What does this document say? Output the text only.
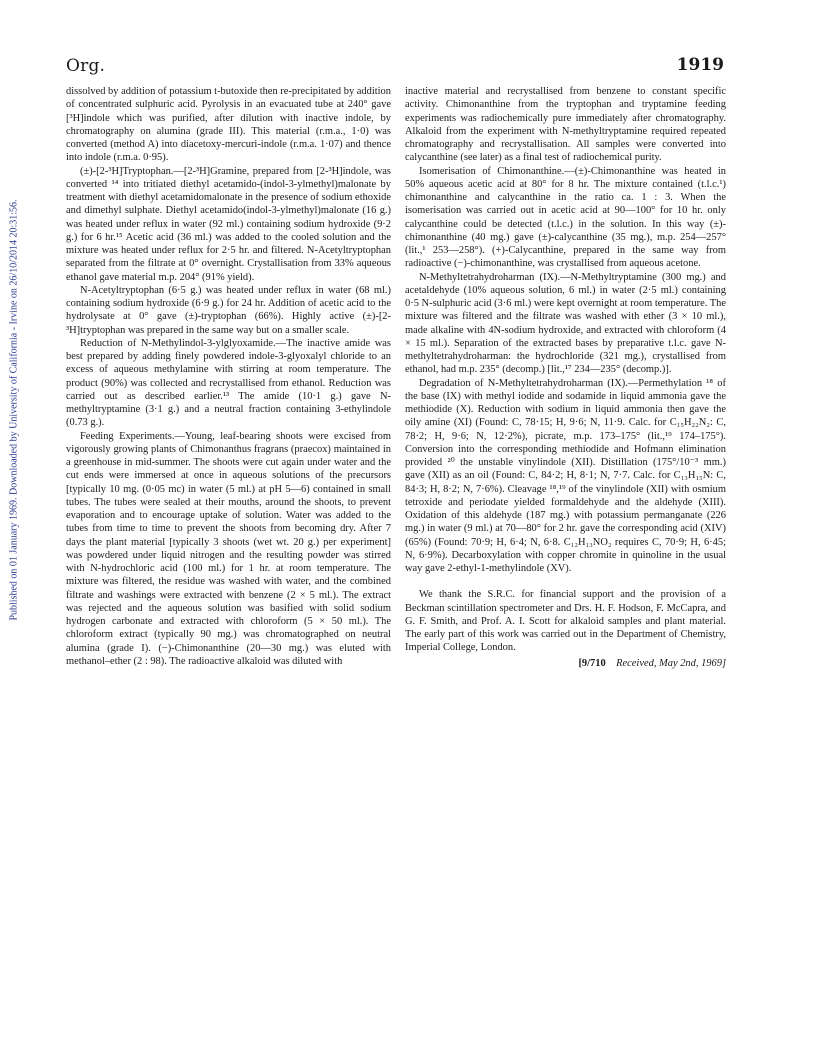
Org.	1919
Published on 01 January 1969. Downloaded by University of California - Irvine on 26/10/2014 20:31:56.

dissolved by addition of potassium t-butoxide then re-precipitated by addition of concentrated sulphuric acid. Pyrolysis in an evacuated tube at 240° gave [³H]indole which was purified, after dilution with inactive indole, by chromatography on alumina (grade III). This material (r.m.a., 1·0) was converted (method A) into diacetoxy-mercuri-indole (r.m.a. 1·07) and thence into indole (r.m.a. 0·95).

(±)-[2-³H]Tryptophan.—[2-³H]Gramine, prepared from [2-³H]indole, was converted ¹⁴ into tritiated diethyl acetamido-(indol-3-ylmethyl)malonate by treatment with diethyl acetamidomalonate in the presence of sodium ethoxide and dimethyl sulphate. Diethyl acetamido(indol-3-ylmethyl)malonate (16 g.) was heated under reflux in water (92 ml.) containing sodium hydroxide (9·2 g.) for 6 hr.¹⁵ Acetic acid (36 ml.) was added to the cooled solution and the mixture was heated under reflux for 2·5 hr. and filtered. N-Acetyltryptophan separated from the filtrate at 0° overnight. Crystallisation from 33% aqueous ethanol gave material m.p. 204° (91% yield).

N-Acetyltryptophan (6·5 g.) was heated under reflux in water (68 ml.) containing sodium hydroxide (6·9 g.) for 24 hr. Addition of acetic acid to the hydrolysate at 0° gave (±)-tryptophan (66%). Highly active (±)-[2-³H]tryptophan was prepared in the same way but on a smaller scale.

Reduction of N-Methylindol-3-ylglyoxamide.—The inactive amide was best prepared by adding finely powdered indole-3-glyoxalyl chloride to an excess of aqueous methylamine with stirring at room temperature. The product (90%) was collected and recrystallised from ethanol. Reduction was carried out as described earlier.¹³ The amide (10·1 g.) gave N-methyltryptamine (3·1 g.) and a neutral fraction containing 3-ethylindole (0.73 g.).

Feeding Experiments.—Young, leaf-bearing shoots were excised from vigorously growing plants of Chimonanthus fragrans (praecox) maintained in a greenhouse in mid-summer. The shoots were cut again under water and the cut ends were immersed at once in aqueous solutions of the precursors [typically 10 mg. (0·05 mc) in water (5 ml.) at pH 5—6) contained in small tubes. The tubes were sealed at their mouths, around the shoots, to prevent evaporation and to encourage uptake of solution. Water was added to the tubes from time to time to prevent the shoots from becoming dry. After 7 days the plant material [typically 3 shoots (wet wt. 20 g.) per experiment] was powdered under liquid nitrogen and the resulting powder was stirred with N-hydrochloric acid (100 ml.) for 1 hr. at room temperature. The mixture was filtered, the residue was washed with water, and the combined filtrate and washings were extracted with benzene (2 × 5 ml.). The extract was rejected and the aqueous solution was basified with solid sodium hydrogen carbonate and extracted with chloroform (5 × 50 ml.). The chloroform extract (typically 90 mg.) was chromatographed on neutral alumina (grade I). (−)-Chimonanthine (20—30 mg.) was eluted with methanol–ether (2 : 98). The radioactive alkaloid was diluted with

inactive material and recrystallised from benzene to constant specific activity. Chimonanthine from the tryptophan and tryptamine feeding experiments was radiochemically pure immediately after chromatography. Alkaloid from the experiment with N-methyltryptamine required repeated chromatography and recrystallisation. All samples were converted into calycanthine (see later) as a final test of radiochemical purity.

Isomerisation of Chimonanthine.—(±)-Chimonanthine was heated in 50% aqueous acetic acid at 80° for 8 hr. The mixture contained (t.l.c.¹) chimonanthine and calycanthine in the ratio ca. 1 : 3. When the isomerisation was carried out in acetic acid at 90—100° for 10 hr. only calycanthine could be detected (t.l.c.) in the solution. In this way (±)-chimonanthine (40 mg.) gave (±)-calycanthine (35 mg.), m.p. 254—257° (lit.,¹ 253—258°). (+)-Calycanthine, prepared in the same way from radioactive (−)-chimonanthine, was crystallised from aqueous acetone.

N-Methyltetrahydroharman (IX).—N-Methyltryptamine (300 mg.) and acetaldehyde (10% aqueous solution, 6 ml.) in water (2·5 ml.) containing 0·5 N-sulphuric acid (3·6 ml.) were kept overnight at room temperature. The mixture was filtered and the filtrate was washed with ether (3 × 10 ml.), made alkaline with 4N-sodium hydroxide, and extracted with chloroform (4 × 15 ml.). Separation of the extracted bases by preparative t.l.c. gave N-methyltetrahydroharman: the hydrochloride (321 mg.), crystallised from ethanol, had m.p. 235° (decomp.) [lit.,¹⁷ 234—235° (decomp.)].

Degradation of N-Methyltetrahydroharman (IX).—Permethylation ¹⁸ of the base (IX) with methyl iodide and sodamide in liquid ammonia gave the methiodide (X). Reduction with sodium in liquid ammonia then gave the oily amine (XI) (Found: C, 78·15; H, 9·6; N, 11·9. Calc. for C₁₅H₂₂N₂: C, 78·2; H, 9·6; N, 12·2%), picrate, m.p. 173–175° (lit.,¹⁹ 174–175°). Conversion into the corresponding methiodide and Hofmann elimination provided ²⁰ the unstable vinylindole (XII). Distillation (175°/10⁻³ mm.) gave (XII) as an oil (Found: C, 84·2; H, 8·1; N, 7·7. Calc. for C₁₃H₁₅N: C, 84·3; H, 8·2; N, 7·6%). Cleavage ¹⁸,¹⁹ of the vinylindole (XII) with osmium tetroxide and periodate yielded formaldehyde and the aldehyde (XIII). Oxidation of this aldehyde (187 mg.) with potassium permanganate (226 mg.) in water (9 ml.) at 70—80° for 2 hr. gave the corresponding acid (XIV) (65%) (Found: 70·9; H, 6·4; N, 6·8. C₁₂H₁₃NO₂ requires C, 70·9; H, 6·45; N, 6·9%). Decarboxylation with copper chromite in quinoline in the usual way gave 2-ethyl-1-methylindole (XV).

We thank the S.R.C. for financial support and the provision of a Beckman scintillation spectrometer and Drs. H. F. Hodson, F. McCapra, and G. F. Smith, and Prof. A. I. Scott for alkaloid samples and plant material. The early part of this work was carried out in the Department of Chemistry, Imperial College, London.

[9/710 Received, May 2nd, 1969]
